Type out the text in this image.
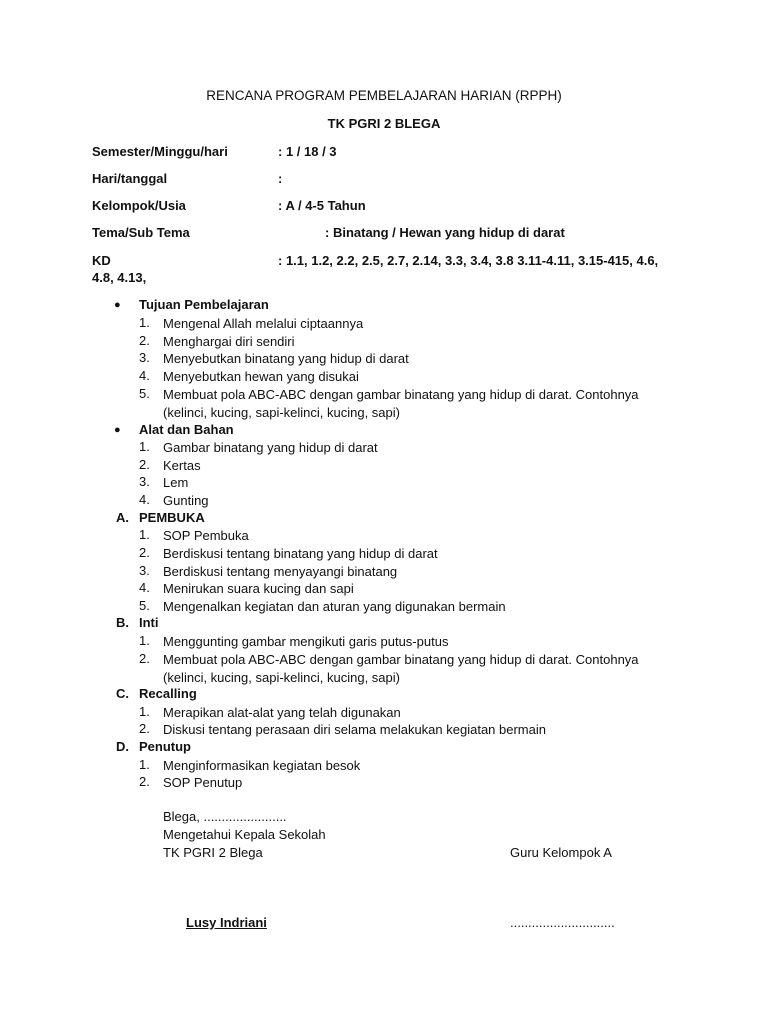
RENCANA PROGRAM PEMBELAJARAN HARIAN (RPPH)
TK PGRI 2 BLEGA
Semester/Minggu/hari	: 1 / 18 / 3
Hari/tanggal	:
Kelompok/Usia	: A / 4-5 Tahun
Tema/Sub Tema	: Binatang / Hewan yang hidup di darat
KD	: 1.1, 1.2, 2.2, 2.5, 2.7, 2.14, 3.3, 3.4, 3.8 3.11-4.11, 3.15-415, 4.6,
4.8, 4.13,
● Tujuan Pembelajaran
1. Mengenal Allah melalui ciptaannya
2. Menghargai diri sendiri
3. Menyebutkan binatang yang hidup di darat
4. Menyebutkan hewan yang disukai
5. Membuat pola ABC-ABC dengan gambar binatang yang hidup di darat. Contohnya (kelinci, kucing, sapi-kelinci, kucing, sapi)
● Alat dan Bahan
1. Gambar binatang yang hidup di darat
2. Kertas
3. Lem
4. Gunting
A. PEMBUKA
1. SOP Pembuka
2. Berdiskusi tentang binatang yang hidup di darat
3. Berdiskusi tentang menyayangi binatang
4. Menirukan suara kucing dan sapi
5. Mengenalkan kegiatan dan aturan yang digunakan bermain
B. Inti
1. Menggunting gambar mengikuti garis putus-putus
2. Membuat pola ABC-ABC dengan gambar binatang yang hidup di darat. Contohnya (kelinci, kucing, sapi-kelinci, kucing, sapi)
C. Recalling
1. Merapikan alat-alat yang telah digunakan
2. Diskusi tentang perasaan diri selama melakukan kegiatan bermain
D. Penutup
1. Menginformasikan kegiatan besok
2. SOP Penutup
Blega, .......................
Mengetahui Kepala Sekolah
TK PGRI 2 Blega	Guru Kelompok A
Lusy Indriani	.............................
